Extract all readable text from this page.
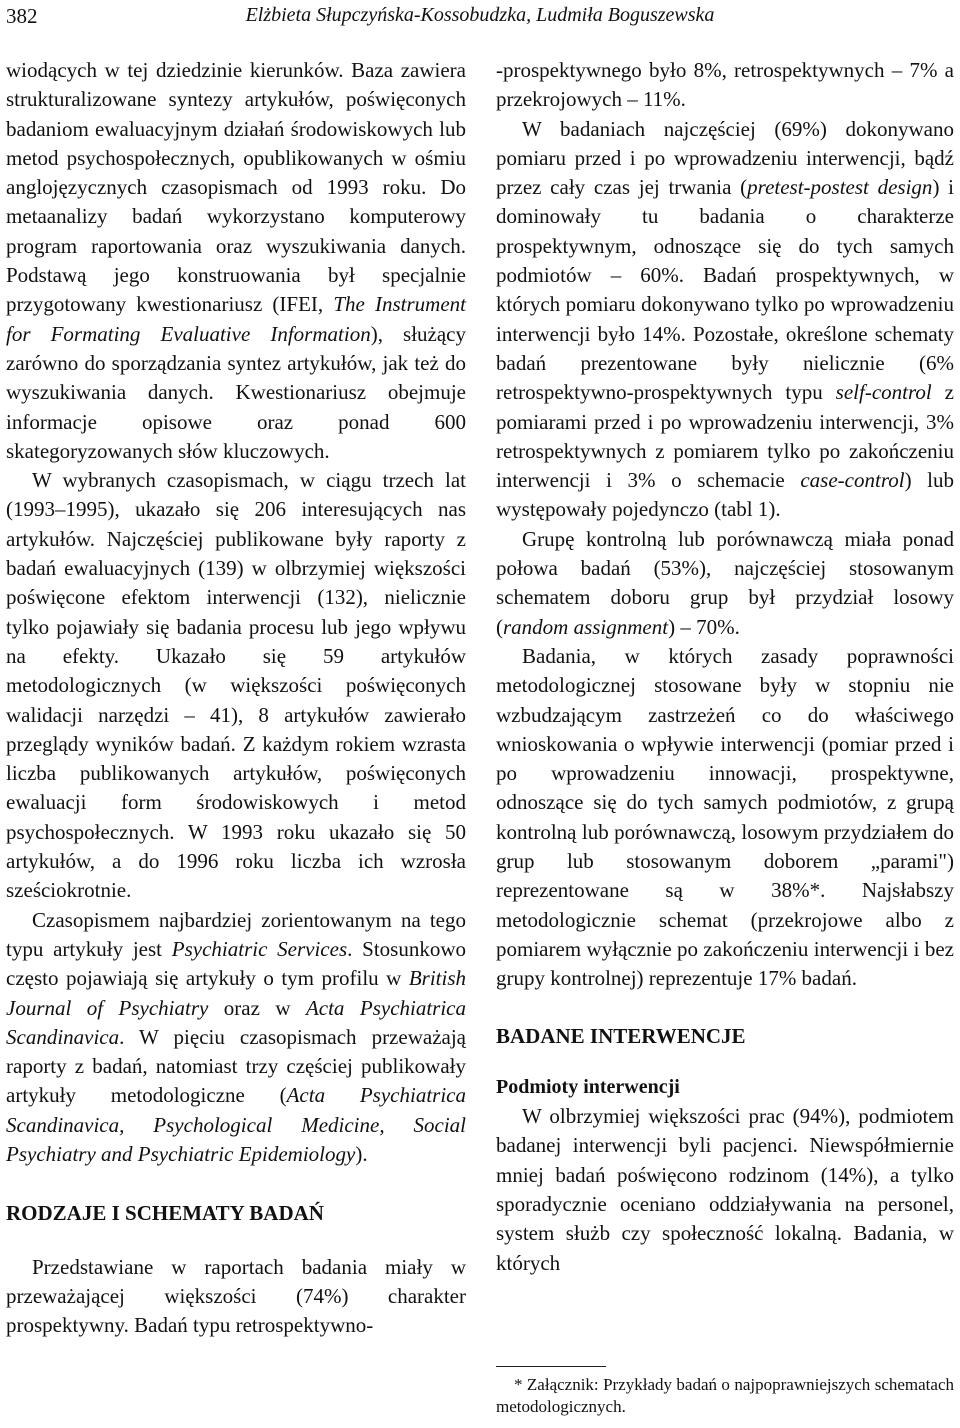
382	Elżbieta Słupczyńska-Kossobudzka, Ludmiła Boguszewska

wiodących w tej dziedzinie kierunków. Baza zawiera strukturalizowane syntezy artykułów, poświęconych badaniom ewaluacyjnym działań środowiskowych lub metod psychospołecznych, opublikowanych w ośmiu anglojęzycznych czasopismach od 1993 roku. Do metaanalizy badań wykorzystano komputerowy program raportowania oraz wyszukiwania danych. Podstawą jego konstruowania był specjalnie przygotowany kwestionariusz (IFEI, The Instrument for Formating Evaluative Information), służący zarówno do sporządzania syntez artykułów, jak też do wyszukiwania danych. Kwestionariusz obejmuje informacje opisowe oraz ponad 600 skategoryzowanych słów kluczowych.

W wybranych czasopismach, w ciągu trzech lat (1993–1995), ukazało się 206 interesujących nas artykułów. Najczęściej publikowane były raporty z badań ewaluacyjnych (139) w olbrzymiej większości poświęcone efektom interwencji (132), nielicznie tylko pojawiały się badania procesu lub jego wpływu na efekty. Ukazało się 59 artykułów metodologicznych (w większości poświęconych walidacji narzędzi – 41), 8 artykułów zawierało przeglądy wyników badań. Z każdym rokiem wzrasta liczba publikowanych artykułów, poświęconych ewaluacji form środowiskowych i metod psychospołecznych. W 1993 roku ukazało się 50 artykułów, a do 1996 roku liczba ich wzrosła sześciokrotnie.

Czasopismem najbardziej zorientowanym na tego typu artykuły jest Psychiatric Services. Stosunkowo często pojawiają się artykuły o tym profilu w British Journal of Psychiatry oraz w Acta Psychiatrica Scandinavica. W pięciu czasopismach przeważają raporty z badań, natomiast trzy częściej publikowały artykuły metodologiczne (Acta Psychiatrica Scandinavica, Psychological Medicine, Social Psychiatry and Psychiatric Epidemiology).

RODZAJE I SCHEMATY BADAŃ

Przedstawiane w raportach badania miały w przeważającej większości (74%) charakter prospektywny. Badań typu retrospektywno-

-prospektywnego było 8%, retrospektywnych – 7% a przekrojowych – 11%.

W badaniach najczęściej (69%) dokonywano pomiaru przed i po wprowadzeniu interwencji, bądź przez cały czas jej trwania (pretest-postest design) i dominowały tu badania o charakterze prospektywnym, odnoszące się do tych samych podmiotów – 60%. Badań prospektywnych, w których pomiaru dokonywano tylko po wprowadzeniu interwencji było 14%. Pozostałe, określone schematy badań prezentowane były nielicznie (6% retrospektywno-prospektywnych typu self-control z pomiarami przed i po wprowadzeniu interwencji, 3% retrospektywnych z pomiarem tylko po zakończeniu interwencji i 3% o schemacie case-control) lub występowały pojedynczo (tabl 1).

Grupę kontrolną lub porównawczą miała ponad połowa badań (53%), najczęściej stosowanym schematem doboru grup był przydział losowy (random assignment) – 70%.

Badania, w których zasady poprawności metodologicznej stosowane były w stopniu nie wzbudzającym zastrzeżeń co do właściwego wnioskowania o wpływie interwencji (pomiar przed i po wprowadzeniu innowacji, prospektywne, odnoszące się do tych samych podmiotów, z grupą kontrolną lub porównawczą, losowym przydziałem do grup lub stosowanym doborem „parami") reprezentowane są w 38%*. Najsłabszy metodologicznie schemat (przekrojowe albo z pomiarem wyłącznie po zakończeniu interwencji i bez grupy kontrolnej) reprezentuje 17% badań.

BADANE INTERWENCJE
Podmioty interwencji

W olbrzymiej większości prac (94%), podmiotem badanej interwencji byli pacjenci. Niewspółmiernie mniej badań poświęcono rodzinom (14%), a tylko sporadycznie oceniano oddziaływania na personel, system służb czy społeczność lokalną. Badania, w których

* Załącznik: Przykłady badań o najpoprawniejszych schematach metodologicznych.
